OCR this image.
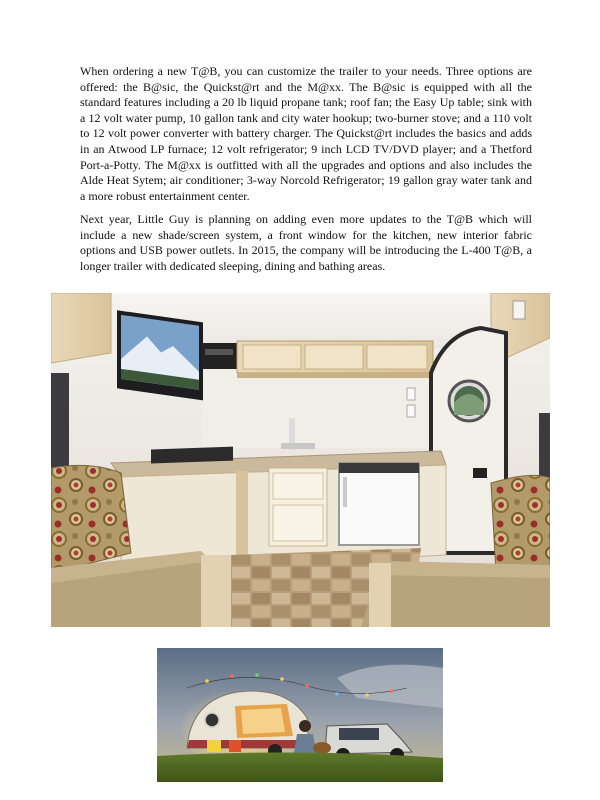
When ordering a new T@B, you can customize the trailer to your needs. Three options are offered: the B@sic, the Quickst@rt and the M@xx. The B@sic is equipped with all the standard features including a 20 lb liquid propane tank; roof fan; the Easy Up table; sink with a 12 volt water pump, 10 gallon tank and city water hookup; two-burner stove; and a 110 volt to 12 volt power converter with battery charger. The Quickst@rt includes the basics and adds in an Atwood LP furnace; 12 volt refrigerator; 9 inch LCD TV/DVD player; and a Thetford Port-a-Potty. The M@xx is outfitted with all the upgrades and options and also includes the Alde Heat Sytem; air conditioner; 3-way Norcold Refrigerator; 19 gallon gray water tank and a more robust entertainment center.

Next year, Little Guy is planning on adding even more updates to the T@B which will include a new shade/screen system, a front window for the kitchen, new interior fabric options and USB power outlets. In 2015, the company will be introducing the L-400 T@B, a longer trailer with dedicated sleeping, dining and bathing areas.
